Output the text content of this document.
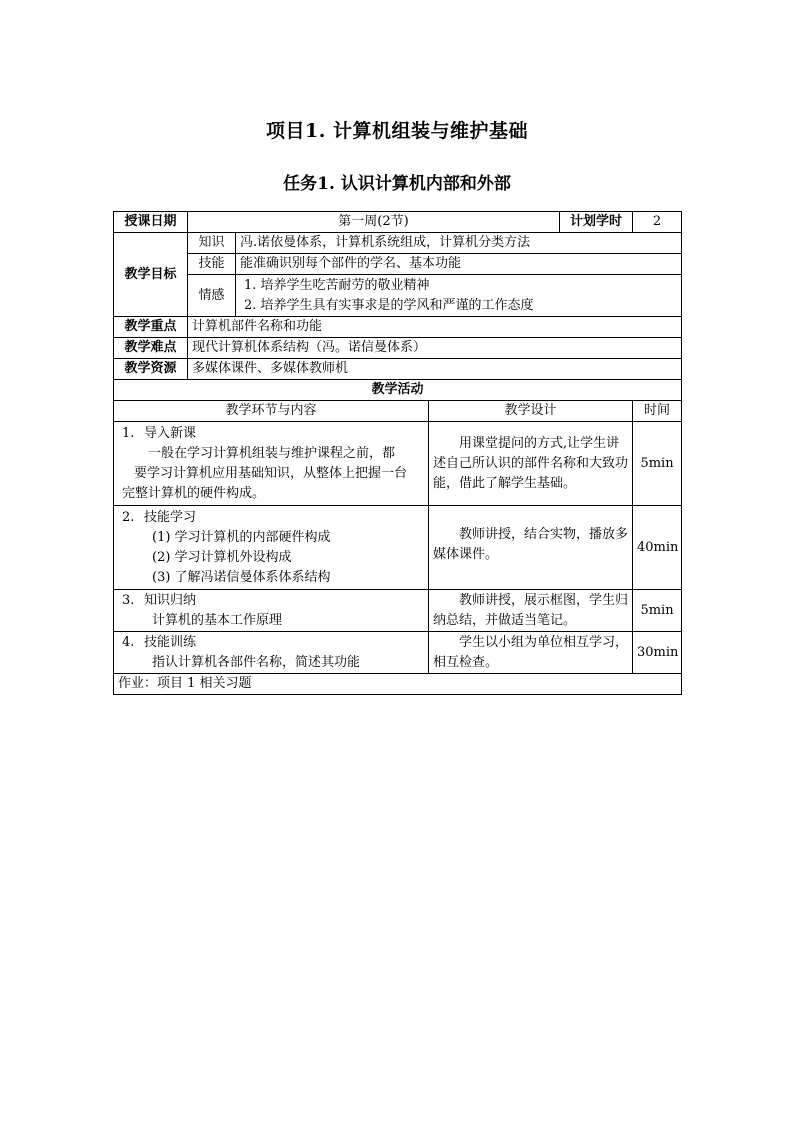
项目1. 计算机组装与维护基础
任务1. 认识计算机内部和外部
授课日期	第一周(2节)			计划学时	2
教学目标	知识	冯.诺依曼体系，计算机系统组成，计算机分类方法			
	技能	能准确识别每个部件的学名、基本功能			
	情感	1. 培养学生吃苦耐劳的敬业精神
2. 培养学生具有实事求是的学风和严谨的工作态度			

教学重点	计算机部件名称和功能				
教学难点	现代计算机体系结构（冯。诺信曼体系）				
教学资源	多媒体课件、多媒体教师机				
教学活动					
教学环节与内容			教学设计		时间

1. 导入新课
一般在学习计算机组装与维护课程之前，都
要学习计算机应用基础知识，从整体上把握一台
完整计算机的硬件构成。			用课堂提问的方式,让学生讲述自己所认识的部件名称和大致功能，借此了解学生基础。		5min

2. 技能学习
(1) 学习计算机的内部硬件构成
(2) 学习计算机外设构成
(3) 了解冯诺信曼体系体系结构			教师讲授，结合实物，播放多媒体课件。		40min

3. 知识归纳
计算机的基本工作原理			教师讲授，展示框图，学生归纳总结，并做适当笔记。		5min

4. 技能训练
指认计算机各部件名称，简述其功能			学生以小组为单位相互学习，相互检查。		30min
作业：项目 1 相关习题					
